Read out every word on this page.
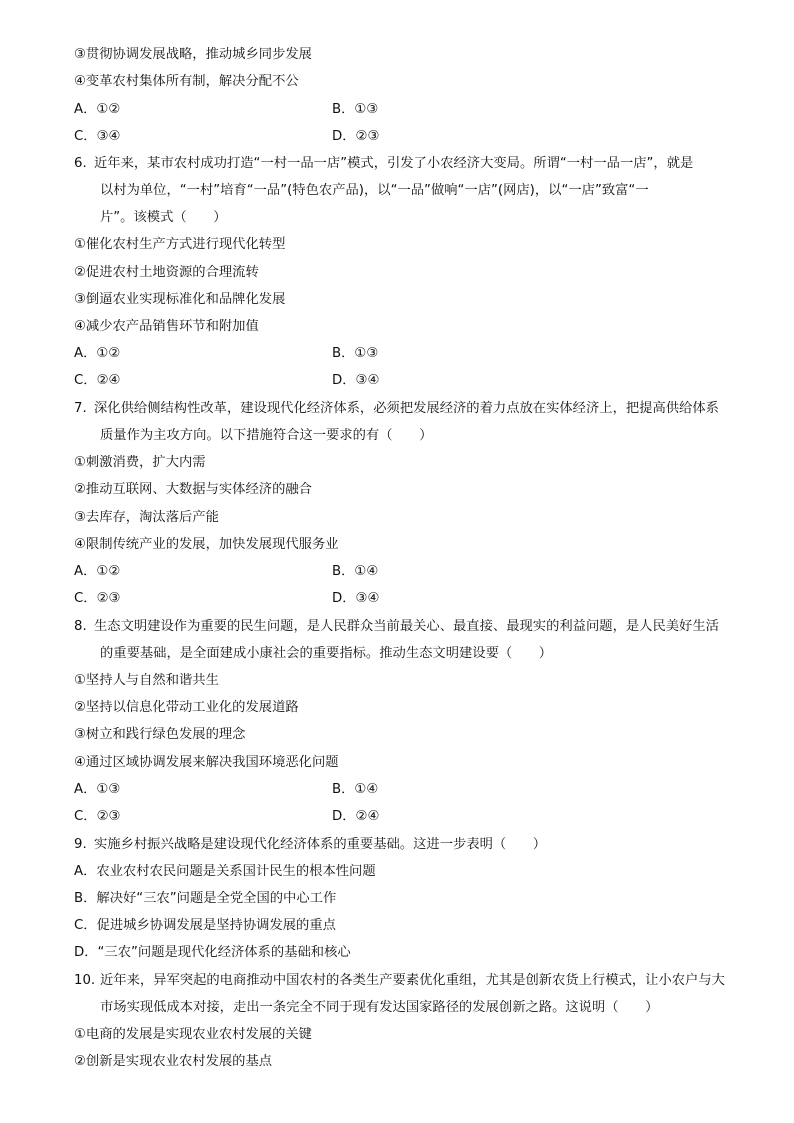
③贯彻协调发展战略，推动城乡同步发展
④变革农村集体所有制，解决分配不公
A．①②	B．①③
C．③④	D．②③
6. 近年来，某市农村成功打造“一村一品一店”模式，引发了小农经济大变局。所谓“一村一品一店”，就是
以村为单位，“一村”培育“一品”(特色农产品)，以“一品”做响“一店”(网店)，以“一店”致富“一
片”。该模式（　　）
①催化农村生产方式进行现代化转型
②促进农村土地资源的合理流转
③倒逼农业实现标准化和品牌化发展
④减少农产品销售环节和附加值
A．①②	B．①③
C．②④	D．③④
7. 深化供给侧结构性改革，建设现代化经济体系，必须把发展经济的着力点放在实体经济上，把提高供给体系
质量作为主攻方向。以下措施符合这一要求的有（　　）
①刺激消费，扩大内需
②推动互联网、大数据与实体经济的融合
③去库存，淘汰落后产能
④限制传统产业的发展，加快发展现代服务业
A．①②	B．①④
C．②③	D．③④
8. 生态文明建设作为重要的民生问题，是人民群众当前最关心、最直接、最现实的利益问题，是人民美好生活
的重要基础，是全面建成小康社会的重要指标。推动生态文明建设要（　　）
①坚持人与自然和谐共生
②坚持以信息化带动工业化的发展道路
③树立和践行绿色发展的理念
④通过区域协调发展来解决我国环境恶化问题
A．①③	B．①④
C．②③	D．②④
9. 实施乡村振兴战略是建设现代化经济体系的重要基础。这进一步表明（　　）
A．农业农村农民问题是关系国计民生的根本性问题
B．解决好“三农”问题是全党全国的中心工作
C．促进城乡协调发展是坚持协调发展的重点
D．“三农”问题是现代化经济体系的基础和核心
10. 近年来，异军突起的电商推动中国农村的各类生产要素优化重组，尤其是创新农货上行模式，让小农户与大
市场实现低成本对接，走出一条完全不同于现有发达国家路径的发展创新之路。这说明（　　）
①电商的发展是实现农业农村发展的关键
②创新是实现农业农村发展的基点
